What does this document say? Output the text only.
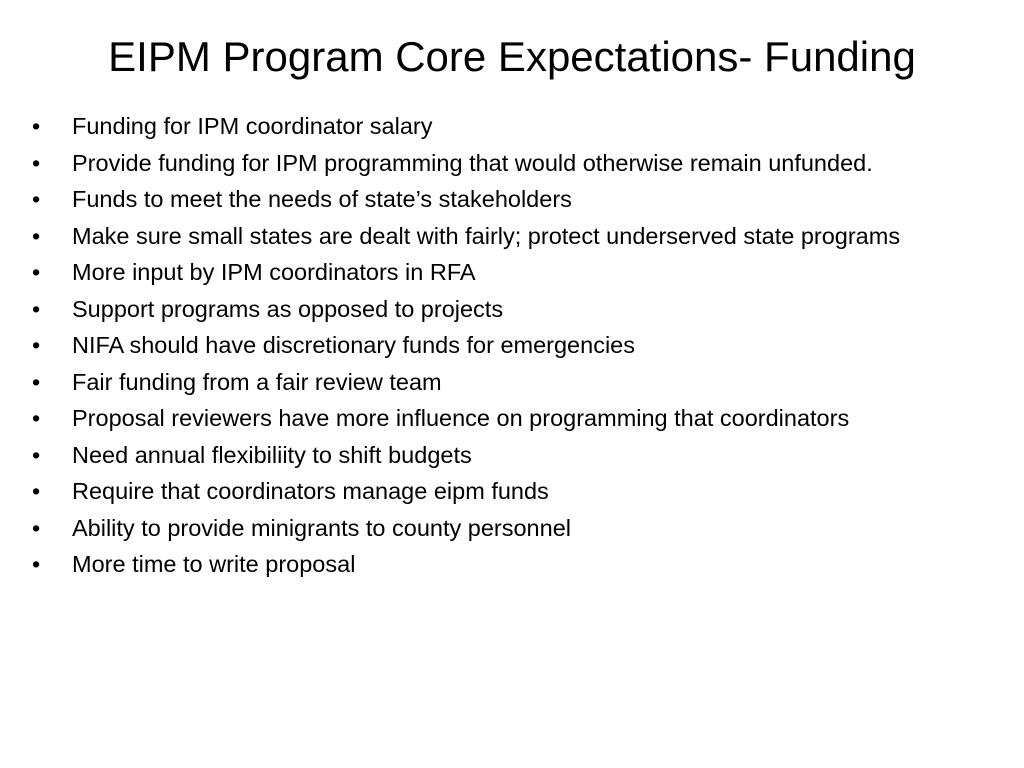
EIPM Program Core Expectations- Funding
• Funding for IPM coordinator salary
• Provide funding for IPM programming that would otherwise remain unfunded.
• Funds to meet the needs of state’s stakeholders
• Make sure small states are dealt with fairly; protect underserved state programs
• More input by IPM coordinators in RFA
• Support programs as opposed to projects
• NIFA should have discretionary funds for emergencies
• Fair funding from a fair review team
• Proposal reviewers have more influence on programming that coordinators
• Need annual flexibiliity to shift budgets
• Require that coordinators manage eipm funds
• Ability to provide minigrants to county personnel
• More time to write proposal
